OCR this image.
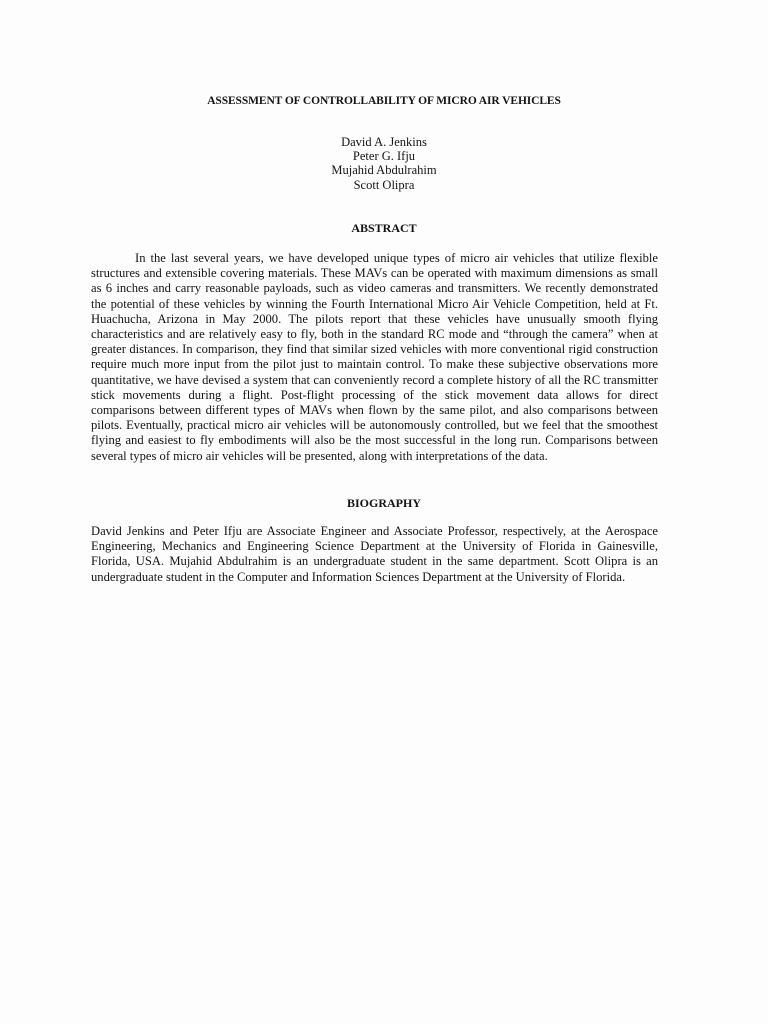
ASSESSMENT OF CONTROLLABILITY OF MICRO AIR VEHICLES
David A. Jenkins
Peter G. Ifju
Mujahid Abdulrahim
Scott Olipra
ABSTRACT

In the last several years, we have developed unique types of micro air vehicles that utilize flexible structures and extensible covering materials. These MAVs can be operated with maximum dimensions as small as 6 inches and carry reasonable payloads, such as video cameras and transmitters. We recently demonstrated the potential of these vehicles by winning the Fourth International Micro Air Vehicle Competition, held at Ft. Huachucha, Arizona in May 2000. The pilots report that these vehicles have unusually smooth flying characteristics and are relatively easy to fly, both in the standard RC mode and “through the camera” when at greater distances. In comparison, they find that similar sized vehicles with more conventional rigid construction require much more input from the pilot just to maintain control. To make these subjective observations more quantitative, we have devised a system that can conveniently record a complete history of all the RC transmitter stick movements during a flight. Post-flight processing of the stick movement data allows for direct comparisons between different types of MAVs when flown by the same pilot, and also comparisons between pilots. Eventually, practical micro air vehicles will be autonomously controlled, but we feel that the smoothest flying and easiest to fly embodiments will also be the most successful in the long run. Comparisons between several types of micro air vehicles will be presented, along with interpretations of the data.

BIOGRAPHY

David Jenkins and Peter Ifju are Associate Engineer and Associate Professor, respectively, at the Aerospace Engineering, Mechanics and Engineering Science Department at the University of Florida in Gainesville, Florida, USA. Mujahid Abdulrahim is an undergraduate student in the same department. Scott Olipra is an undergraduate student in the Computer and Information Sciences Department at the University of Florida.
